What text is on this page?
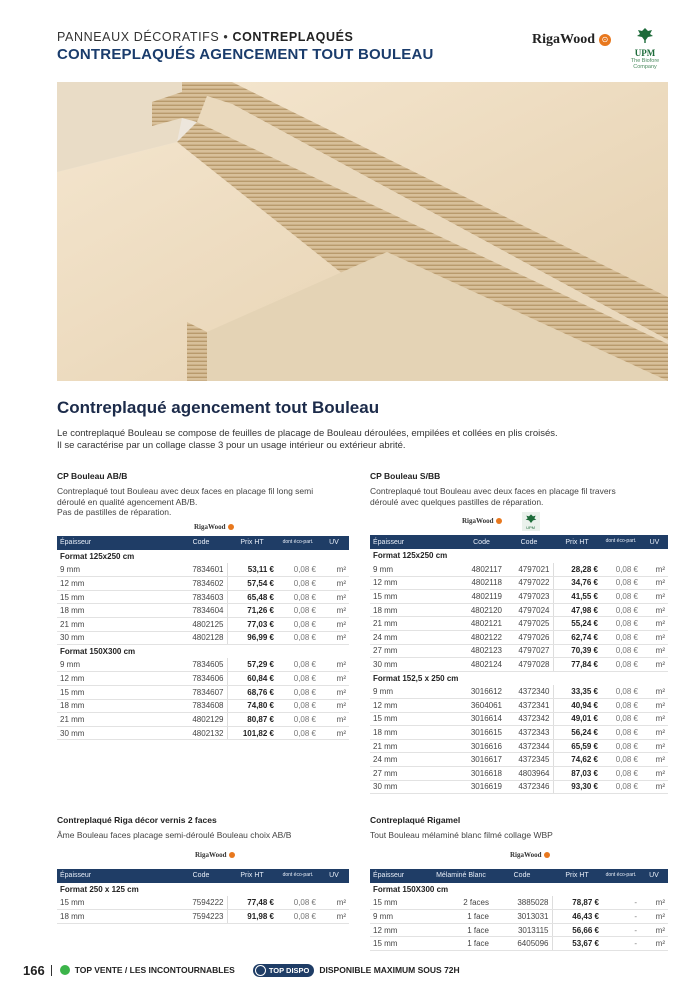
PANNEAUX DÉCORATIFS • CONTREPLAQUÉS
CONTREPLAQUÉS AGENCEMENT TOUT BOULEAU
RigaWood ⊙
UPM
The Biofore Company
Contreplaqué agencement tout Bouleau
Le contreplaqué Bouleau se compose de feuilles de placage de Bouleau déroulées, empilées et collées en plis croisés.
Il se caractérise par un collage classe 3 pour un usage intérieur ou extérieur abrité.
CP Bouleau AB/B
Contreplaqué tout Bouleau avec deux faces en placage fil long semi
déroulé en qualité agencement AB/B.
Pas de pastilles de réparation.
RigaWood
Épaisseur	Code	Prix HT	dont éco-part.	UV
Format 125x250 cm				
9 mm	7834601	53,11 €	0,08 €	m²
12 mm	7834602	57,54 €	0,08 €	m²
15 mm	7834603	65,48 €	0,08 €	m²
18 mm	7834604	71,26 €	0,08 €	m²
21 mm	4802125	77,03 €	0,08 €	m²
30 mm	4802128	96,99 €	0,08 €	m²
Format 150X300 cm				
9 mm	7834605	57,29 €	0,08 €	m²
12 mm	7834606	60,84 €	0,08 €	m²
15 mm	7834607	68,76 €	0,08 €	m²
18 mm	7834608	74,80 €	0,08 €	m²
21 mm	4802129	80,87 €	0,08 €	m²
30 mm	4802132	101,82 €	0,08 €	m²
CP Bouleau S/BB
Contreplaqué tout Bouleau avec deux faces en placage fil travers
déroulé avec quelques pastilles de réparation.
RigaWood
UPM
Épaisseur	Code	Code	Prix HT	dont éco-part.	UV
Format 125x250 cm					
9 mm	4802117	4797021	28,28 €	0,08 €	m²
12 mm	4802118	4797022	34,76 €	0,08 €	m²
15 mm	4802119	4797023	41,55 €	0,08 €	m²
18 mm	4802120	4797024	47,98 €	0,08 €	m²
21 mm	4802121	4797025	55,24 €	0,08 €	m²
24 mm	4802122	4797026	62,74 €	0,08 €	m²
27 mm	4802123	4797027	70,39 €	0,08 €	m²
30 mm	4802124	4797028	77,84 €	0,08 €	m²
Format 152,5 x 250 cm					
9 mm	3016612	4372340	33,35 €	0,08 €	m²
12 mm	3604061	4372341	40,94 €	0,08 €	m²
15 mm	3016614	4372342	49,01 €	0,08 €	m²
18 mm	3016615	4372343	56,24 €	0,08 €	m²
21 mm	3016616	4372344	65,59 €	0,08 €	m²
24 mm	3016617	4372345	74,62 €	0,08 €	m²
27 mm	3016618	4803964	87,03 €	0,08 €	m²
30 mm	3016619	4372346	93,30 €	0,08 €	m²
Contreplaqué Riga décor vernis 2 faces
Âme Bouleau faces placage semi-déroulé Bouleau choix AB/B
RigaWood
Épaisseur	Code	Prix HT	dont éco-part.	UV
Format 250 x 125 cm				
15 mm	7594222	77,48 €	0,08 €	m²
18 mm	7594223	91,98 €	0,08 €	m²
Contreplaqué Rigamel
Tout Bouleau mélaminé blanc filmé collage WBP
RigaWood
Épaisseur	Mélaminé Blanc	Code	Prix HT	dont éco-part.	UV
Format 150X300 cm					
15 mm	2 faces	3885028	78,87 €	-	m²
9 mm	1 face	3013031	46,43 €	-	m²
12 mm	1 face	3013115	56,66 €	-	m²
15 mm	1 face	6405096	53,67 €	-	m²
166	TOP VENTE / LES INCONTOURNABLES	TOP DISPO DISPONIBLE MAXIMUM SOUS 72H
